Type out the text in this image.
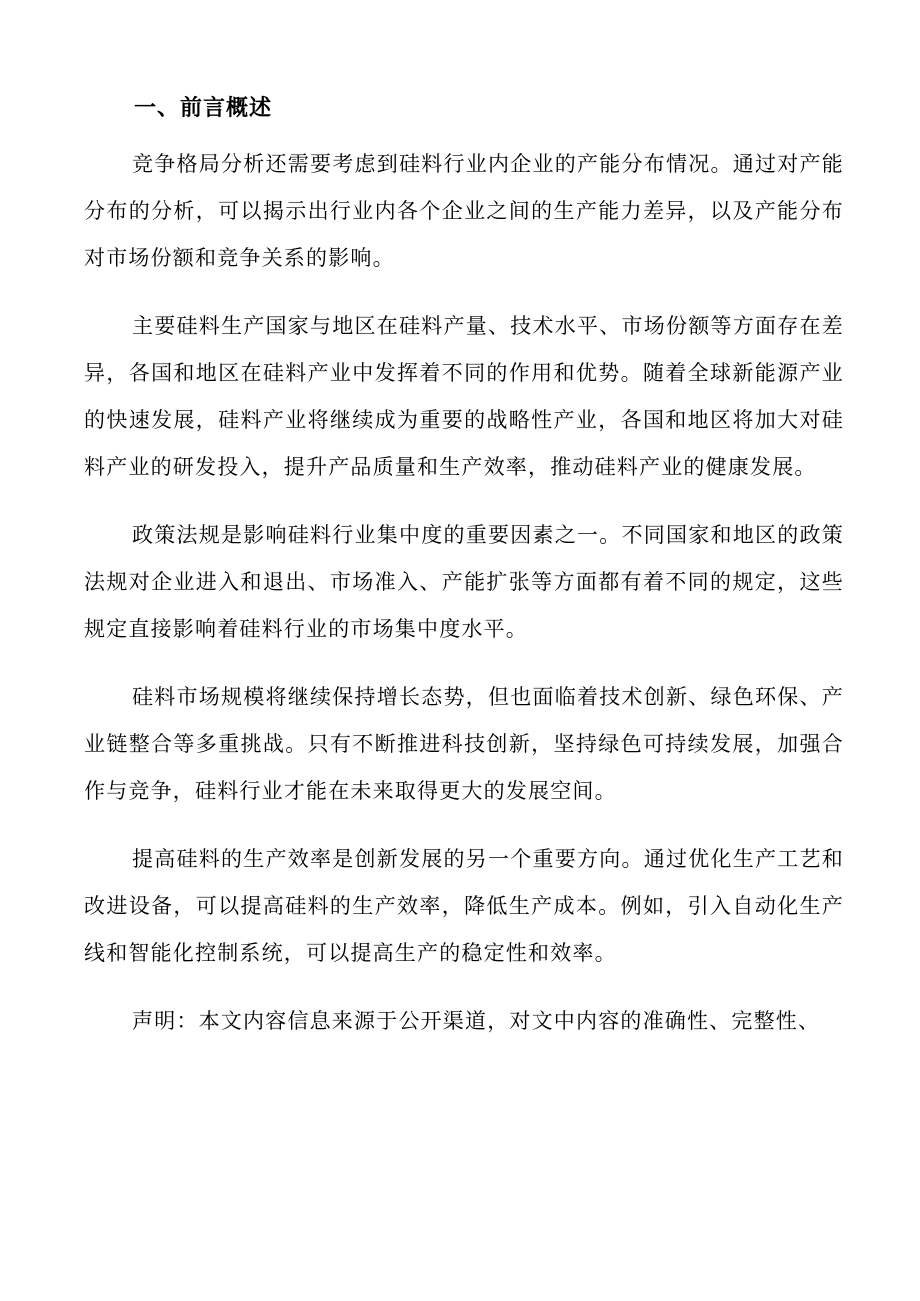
一、前言概述

竞争格局分析还需要考虑到硅料行业内企业的产能分布情况。通过对产能分布的分析，可以揭示出行业内各个企业之间的生产能力差异，以及产能分布对市场份额和竞争关系的影响。

主要硅料生产国家与地区在硅料产量、技术水平、市场份额等方面存在差异，各国和地区在硅料产业中发挥着不同的作用和优势。随着全球新能源产业的快速发展，硅料产业将继续成为重要的战略性产业，各国和地区将加大对硅料产业的研发投入，提升产品质量和生产效率，推动硅料产业的健康发展。

政策法规是影响硅料行业集中度的重要因素之一。不同国家和地区的政策法规对企业进入和退出、市场准入、产能扩张等方面都有着不同的规定，这些规定直接影响着硅料行业的市场集中度水平。

硅料市场规模将继续保持增长态势，但也面临着技术创新、绿色环保、产业链整合等多重挑战。只有不断推进科技创新，坚持绿色可持续发展，加强合作与竞争，硅料行业才能在未来取得更大的发展空间。

提高硅料的生产效率是创新发展的另一个重要方向。通过优化生产工艺和改进设备，可以提高硅料的生产效率，降低生产成本。例如，引入自动化生产线和智能化控制系统，可以提高生产的稳定性和效率。

声明：本文内容信息来源于公开渠道，对文中内容的准确性、完整性、
